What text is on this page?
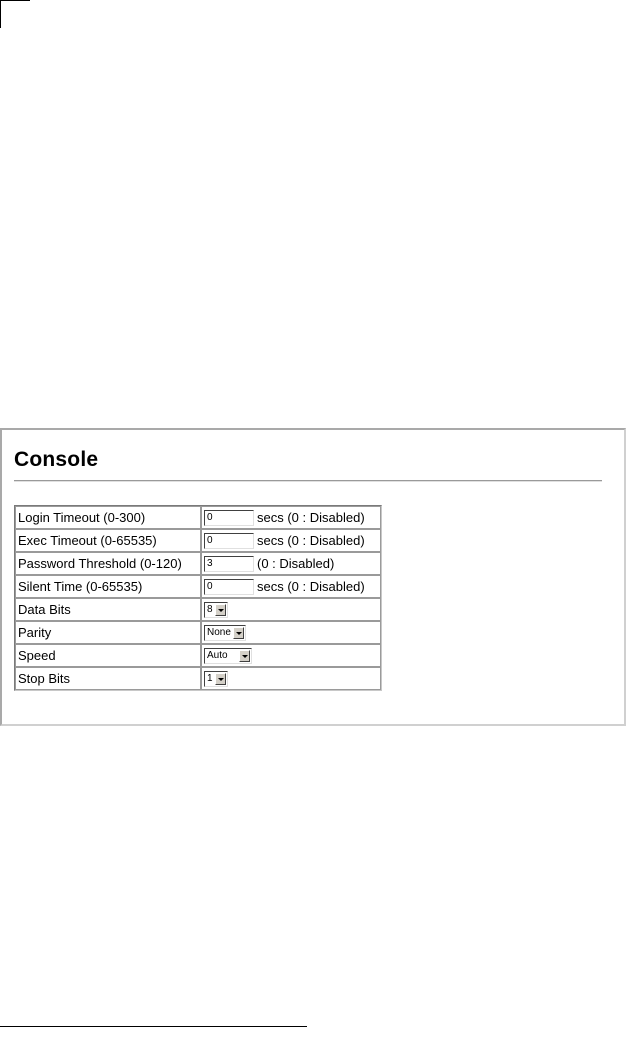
Console
Login Timeout (0-300)	0 secs (0 : Disabled)
Exec Timeout (0-65535)	0 secs (0 : Disabled)
Password Threshold (0-120)	3 (0 : Disabled)
Silent Time (0-65535)	0 secs (0 : Disabled)
Data Bits	8

Parity	None

Speed	Auto

Stop Bits	1
